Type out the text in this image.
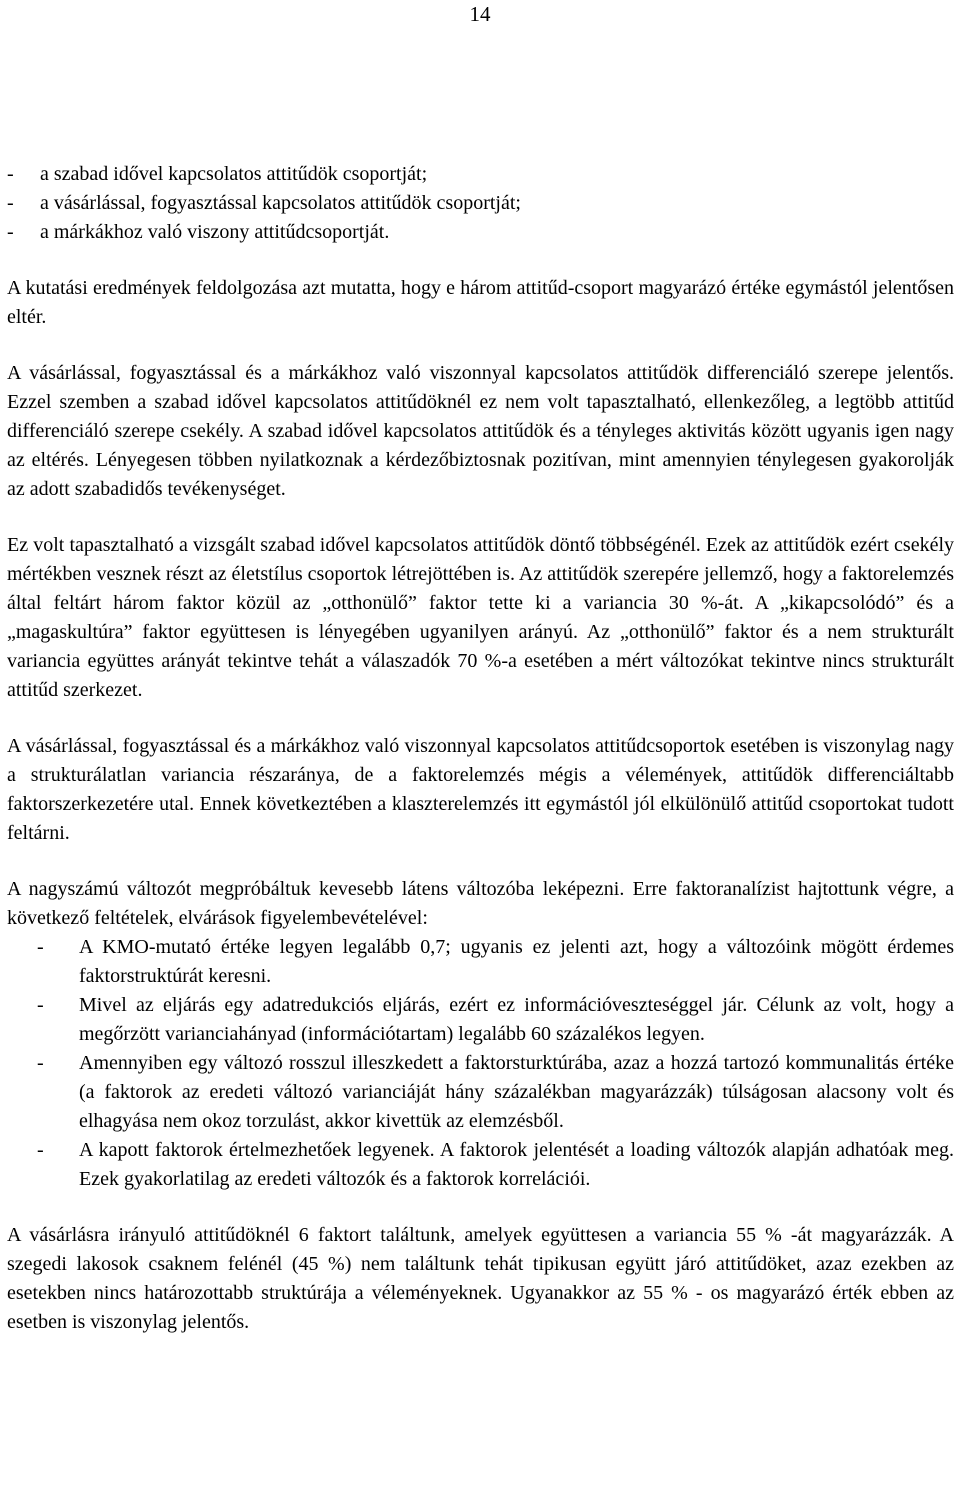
14
- a szabad idővel kapcsolatos attitűdök csoportját;
- a vásárlással, fogyasztással kapcsolatos attitűdök csoportját;
- a márkákhoz való viszony attitűdcsoportját.

A kutatási eredmények feldolgozása azt mutatta, hogy e három attitűd-csoport magyarázó értéke egymástól jelentősen eltér.

A vásárlással, fogyasztással és a márkákhoz való viszonnyal kapcsolatos attitűdök differenciáló szerepe jelentős. Ezzel szemben a szabad idővel kapcsolatos attitűdöknél ez nem volt tapasztalható, ellenkezőleg, a legtöbb attitűd differenciáló szerepe csekély. A szabad idővel kapcsolatos attitűdök és a tényleges aktivitás között ugyanis igen nagy az eltérés. Lényegesen többen nyilatkoznak a kérdezőbiztosnak pozitívan, mint amennyien ténylegesen gyakorolják az adott szabadidős tevékenységet.

Ez volt tapasztalható a vizsgált szabad idővel kapcsolatos attitűdök döntő többségénél. Ezek az attitűdök ezért csekély mértékben vesznek részt az életstílus csoportok létrejöttében is. Az attitűdök szerepére jellemző, hogy a faktorelemzés által feltárt három faktor közül az „otthonülő” faktor tette ki a variancia 30 %-át. A „kikapcsolódó” és a „magaskultúra” faktor együttesen is lényegében ugyanilyen arányú. Az „otthonülő” faktor és a nem strukturált variancia együttes arányát tekintve tehát a válaszadók 70 %-a esetében a mért változókat tekintve nincs strukturált attitűd szerkezet.

A vásárlással, fogyasztással és a márkákhoz való viszonnyal kapcsolatos attitűdcsoportok esetében is viszonylag nagy a strukturálatlan variancia részaránya, de a faktorelemzés mégis a vélemények, attitűdök differenciáltabb faktorszerkezetére utal. Ennek következtében a klaszterelemzés itt egymástól jól elkülönülő attitűd csoportokat tudott feltárni.

A nagyszámú változót megpróbáltuk kevesebb látens változóba leképezni. Erre faktoranalízist hajtottunk végre, a következő feltételek, elvárások figyelembevételével:

- A KMO-mutató értéke legyen legalább 0,7; ugyanis ez jelenti azt, hogy a változóink mögött érdemes faktorstruktúrát keresni.
- Mivel az eljárás egy adatredukciós eljárás, ezért ez információveszteséggel jár. Célunk az volt, hogy a megőrzött varianciahányad (információtartam) legalább 60 százalékos legyen.
- Amennyiben egy változó rosszul illeszkedett a faktorsturktúrába, azaz a hozzá tartozó kommunalitás értéke (a faktorok az eredeti változó varianciáját hány százalékban magyarázzák) túlságosan alacsony volt és elhagyása nem okoz torzulást, akkor kivettük az elemzésből.
- A kapott faktorok értelmezhetőek legyenek. A faktorok jelentését a loading változók alapján adhatóak meg. Ezek gyakorlatilag az eredeti változók és a faktorok korrelációi.

A vásárlásra irányuló attitűdöknél 6 faktort találtunk, amelyek együttesen a variancia 55 % -át magyarázzák. A szegedi lakosok csaknem felénél (45 %) nem találtunk tehát tipikusan együtt járó attitűdöket, azaz ezekben az esetekben nincs határozottabb struktúrája a véleményeknek. Ugyanakkor az 55 % - os magyarázó érték ebben az esetben is viszonylag jelentős.
